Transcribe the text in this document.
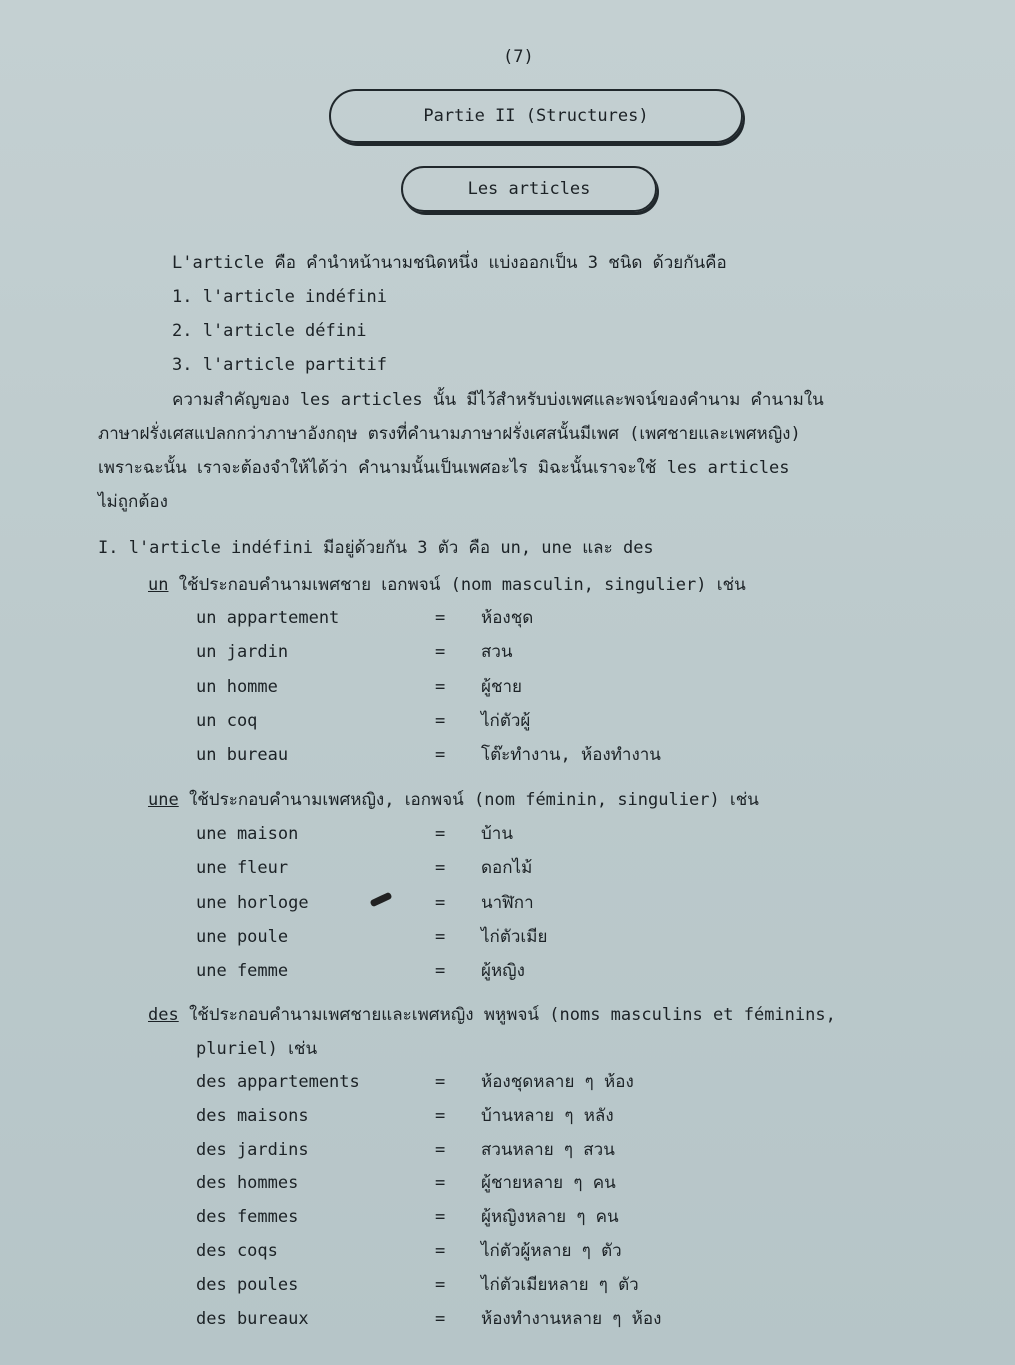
(7)
Partie II (Structures)
Les articles
L'article คือ คำนำหน้านามชนิดหนึ่ง แบ่งออกเป็น 3 ชนิด ด้วยกันคือ
1. l'article indéfini
2. l'article défini
3. l'article partitif
ความสำคัญของ les articles นั้น มีไว้สำหรับบ่งเพศและพจน์ของคำนาม คำนามใน
ภาษาฝรั่งเศสแปลกกว่าภาษาอังกฤษ ตรงที่คำนามภาษาฝรั่งเศสนั้นมีเพศ (เพศชายและเพศหญิง)
เพราะฉะนั้น เราจะต้องจำให้ได้ว่า คำนามนั้นเป็นเพศอะไร มิฉะนั้นเราจะใช้ les articles
ไม่ถูกต้อง
I. l'article indéfini มีอยู่ด้วยกัน 3 ตัว คือ un, une และ des
un ใช้ประกอบคำนามเพศชาย เอกพจน์ (nom masculin, singulier) เช่น
un appartement	= ห้องชุด
un jardin	= สวน
un homme	= ผู้ชาย
un coq	= ไก่ตัวผู้
un bureau	= โต๊ะทำงาน, ห้องทำงาน
une ใช้ประกอบคำนามเพศหญิง, เอกพจน์ (nom féminin, singulier) เช่น
une maison	= บ้าน
une fleur	= ดอกไม้
une horloge	= นาฬิกา
une poule	= ไก่ตัวเมีย
une femme	= ผู้หญิง
des ใช้ประกอบคำนามเพศชายและเพศหญิง พหูพจน์ (noms masculins et féminins,
pluriel) เช่น
des appartements	= ห้องชุดหลาย ๆ ห้อง
des maisons	= บ้านหลาย ๆ หลัง
des jardins	= สวนหลาย ๆ สวน
des hommes	= ผู้ชายหลาย ๆ คน
des femmes	= ผู้หญิงหลาย ๆ คน
des coqs	= ไก่ตัวผู้หลาย ๆ ตัว
des poules	= ไก่ตัวเมียหลาย ๆ ตัว
des bureaux	= ห้องทำงานหลาย ๆ ห้อง
